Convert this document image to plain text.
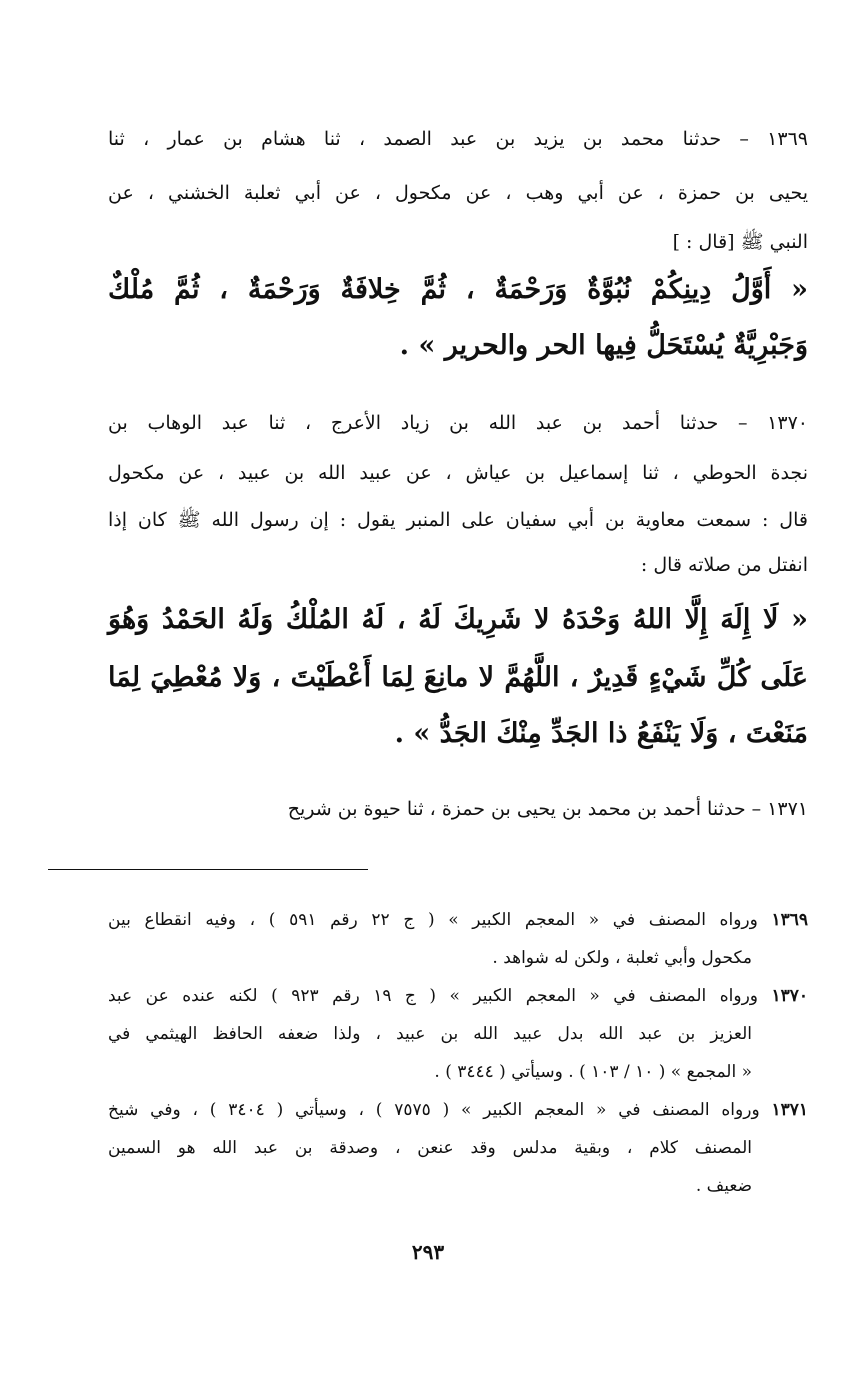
١٣٦٩ – حدثنا محمد بن يزيد بن عبد الصمد ، ثنا هشام بن عمار ، ثنا
يحيى بن حمزة ، عن أبي وهب ، عن مكحول ، عن أبي ثعلبة الخشني ، عن
النبي ﷺ [قال : ]
« أَوَّلُ دِينِكُمْ نُبُوَّةٌ وَرَحْمَةٌ ، ثُمَّ خِلافَةٌ وَرَحْمَةٌ ، ثُمَّ مُلْكٌ
وَجَبْرِيَّةٌ يُسْتَحَلُّ فِيها الحر والحرير » .
١٣٧٠ – حدثنا أحمد بن عبد الله بن زياد الأعرج ، ثنا عبد الوهاب بن
نجدة الحوطي ، ثنا إسماعيل بن عياش ، عن عبيد الله بن عبيد ، عن مكحول
قال : سمعت معاوية بن أبي سفيان على المنبر يقول : إن رسول الله ﷺ كان إذا
انفتل من صلاته قال :
« لَا إِلَهَ إِلَّا اللهُ وَحْدَهُ لا شَرِيكَ لَهُ ، لَهُ المُلْكُ وَلَهُ الحَمْدُ وَهُوَ
عَلَى كُلِّ شَيْءٍ قَدِيرٌ ، اللَّهُمَّ لا مانِعَ لِمَا أَعْطَيْتَ ، وَلا مُعْطِيَ لِمَا
مَنَعْتَ ، وَلَا يَنْفَعُ ذا الجَدِّ مِنْكَ الجَدُّ » .
١٣٧١ – حدثنا أحمد بن محمد بن يحيى بن حمزة ، ثنا حيوة بن شريح
١٣٦٩ ورواه المصنف في « المعجم الكبير » ( ج ٢٢ رقم ٥٩١ ) ، وفيه انقطاع بين
مكحول وأبي ثعلبة ، ولكن له شواهد .
١٣٧٠ ورواه المصنف في « المعجم الكبير » ( ج ١٩ رقم ٩٢٣ ) لكنه عنده عن عبد
العزيز بن عبد الله بدل عبيد الله بن عبيد ، ولذا ضعفه الحافظ الهيثمي في
« المجمع » ( ١٠ / ١٠٣ ) . وسيأتي ( ٣٤٤٤ ) .
١٣٧١ ورواه المصنف في « المعجم الكبير » ( ٧٥٧٥ ) ، وسيأتي ( ٣٤٠٤ ) ، وفي شيخ
المصنف كلام ، وبقية مدلس وقد عنعن ، وصدقة بن عبد الله هو السمين
ضعيف .
٢٩٣
